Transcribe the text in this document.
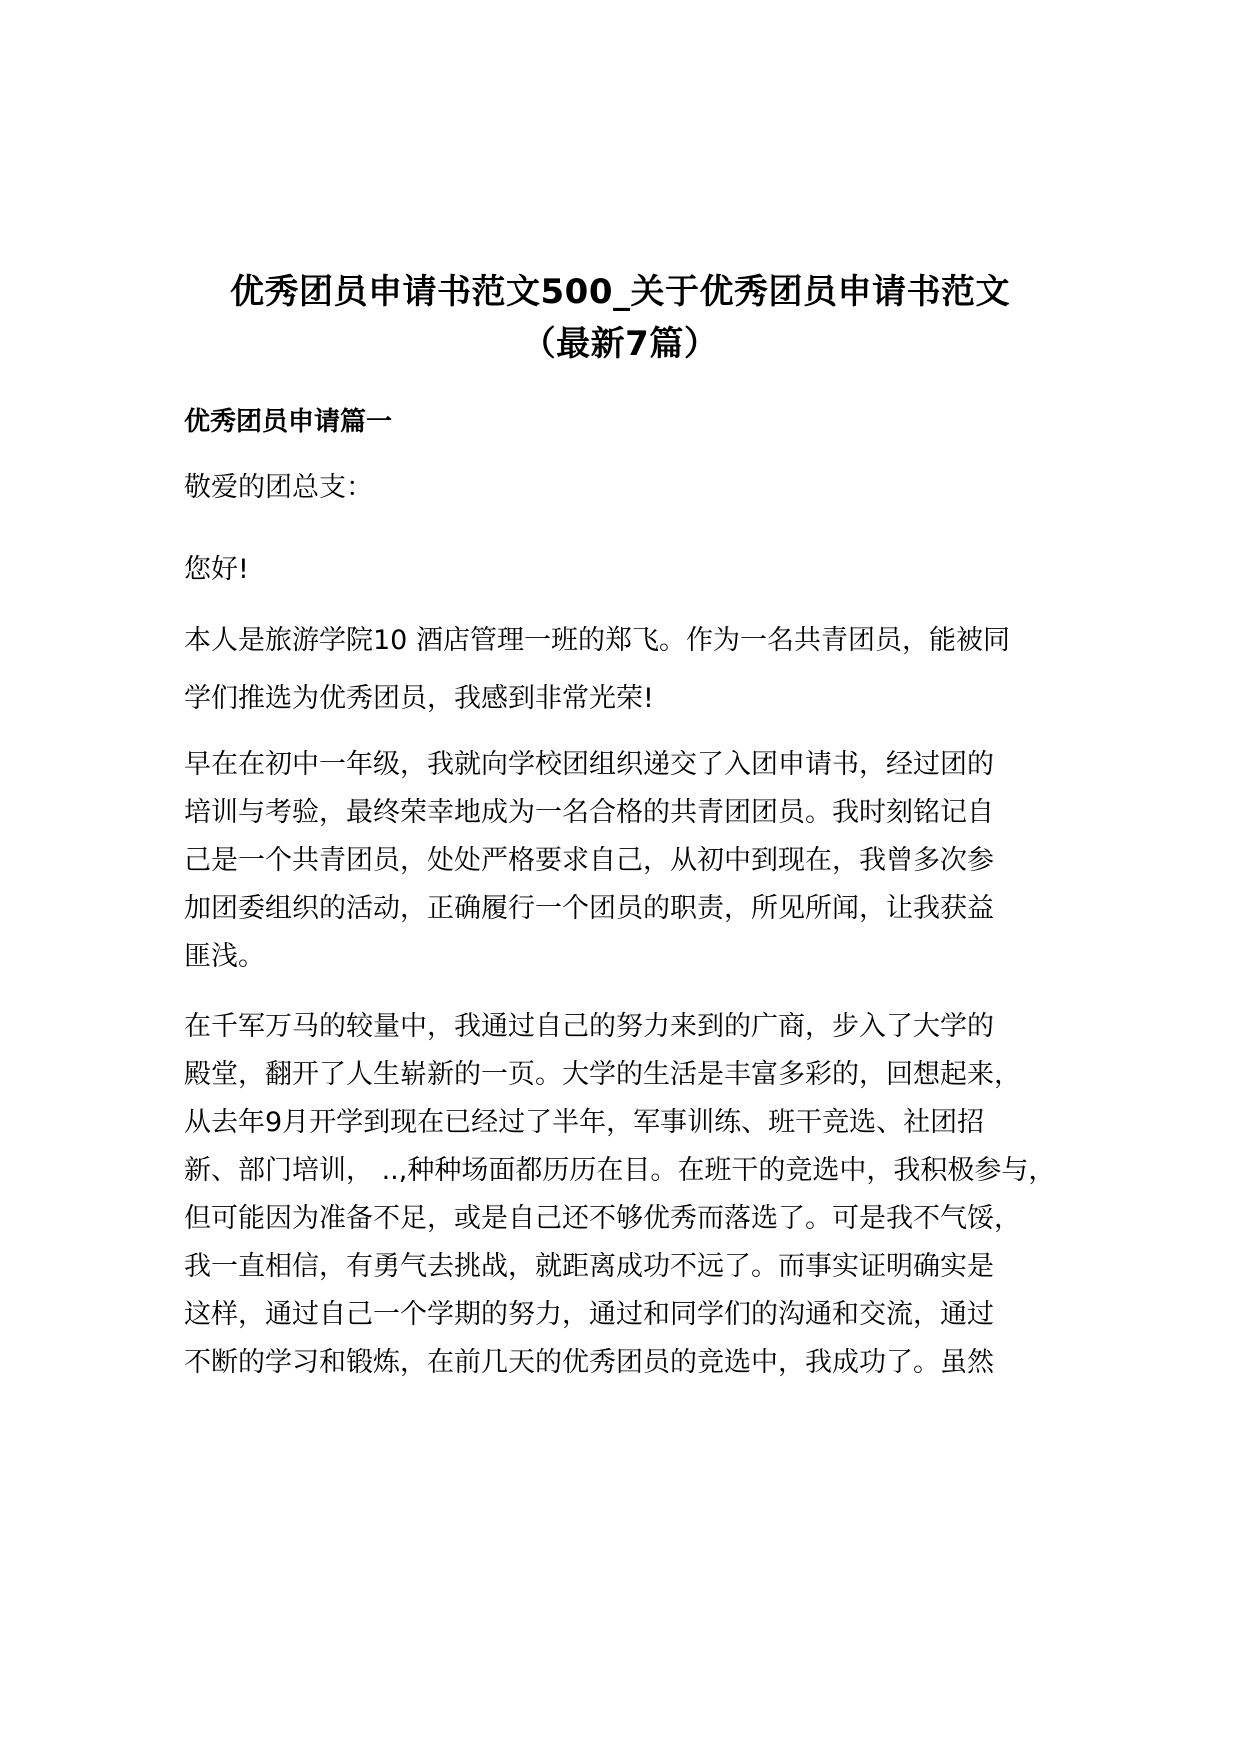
优秀团员申请书范文500_关于优秀团员申请书范文
（最新7篇）
优秀团员申请篇一

敬爱的团总支：

您好!

本人是旅游学院10 酒店管理一班的郑飞。作为一名共青团员，能被同
学们推选为优秀团员，我感到非常光荣!

早在在初中一年级，我就向学校团组织递交了入团申请书，经过团的
培训与考验，最终荣幸地成为一名合格的共青团团员。我时刻铭记自
己是一个共青团员，处处严格要求自己，从初中到现在，我曾多次参
加团委组织的活动，正确履行一个团员的职责，所见所闻，让我获益
匪浅。

在千军万马的较量中，我通过自己的努力来到的广商，步入了大学的
殿堂，翻开了人生崭新的一页。大学的生活是丰富多彩的，回想起来，
从去年9月开学到现在已经过了半年，军事训练、班干竞选、社团招
新、部门培训， ..,种种场面都历历在目。在班干的竞选中，我积极参与，
但可能因为准备不足，或是自己还不够优秀而落选了。可是我不气馁，
我一直相信，有勇气去挑战，就距离成功不远了。而事实证明确实是
这样，通过自己一个学期的努力，通过和同学们的沟通和交流，通过
不断的学习和锻炼，在前几天的优秀团员的竞选中，我成功了。虽然
